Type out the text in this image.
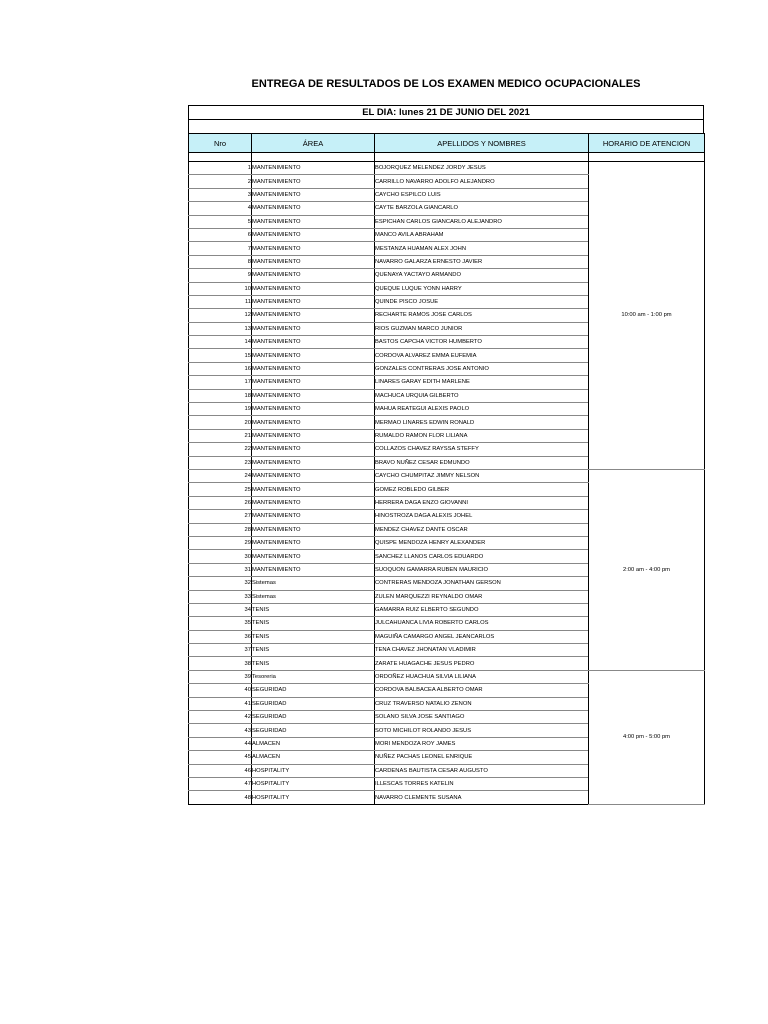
ENTREGA DE RESULTADOS DE LOS EXAMEN MEDICO OCUPACIONALES
EL DIA: lunes 21 DE JUNIO DEL 2021
Nro	ÁREA	APELLIDOS Y NOMBRES	HORARIO DE ATENCION

1	MANTENIMIENTO	BOJORQUEZ MELENDEZ JORDY JESUS	10:00 am - 1:00 pm
2	MANTENIMIENTO	CARRILLO NAVARRO ADOLFO ALEJANDRO	
3	MANTENIMIENTO	CAYCHO ESPILCO LUIS	
4	MANTENIMIENTO	CAYTE BARZOLA GIANCARLO	
5	MANTENIMIENTO	ESPICHAN CARLOS GIANCARLO ALEJANDRO	
6	MANTENIMIENTO	MANCO AVILA ABRAHAM	
7	MANTENIMIENTO	MESTANZA HUAMAN ALEX JOHN	
8	MANTENIMIENTO	NAVARRO GALARZA ERNESTO JAVIER	
9	MANTENIMIENTO	QUENAYA YACTAYO ARMANDO	
10	MANTENIMIENTO	QUEQUE LUQUE YONN HARRY	
11	MANTENIMIENTO	QUINDE PISCO JOSUE	
12	MANTENIMIENTO	RECHARTE RAMOS JOSE CARLOS	
13	MANTENIMIENTO	RIOS GUZMAN MARCO JUNIOR	
14	MANTENIMIENTO	BASTOS CAPCHA VICTOR HUMBERTO	
15	MANTENIMIENTO	CORDOVA ALVAREZ EMMA EUFEMIA	
16	MANTENIMIENTO	GONZALES CONTRERAS JOSE ANTONIO	
17	MANTENIMIENTO	LINARES GARAY EDITH MARLENE	
18	MANTENIMIENTO	MACHUCA URQUIA GILBERTO	
19	MANTENIMIENTO	MAHUA REATEGUI ALEXIS PAOLO	
20	MANTENIMIENTO	MERMAO LINARES EDWIN RONALD	
21	MANTENIMIENTO	RUMALDO RAMON FLOR LILIANA	
22	MANTENIMIENTO	COLLAZOS CHAVEZ RAYSSA STEFFY	
23	MANTENIMIENTO	BRAVO NUÑEZ CESAR EDMUNDO	
24	MANTENIMIENTO	CAYCHO CHUMPITAZ JIMMY NELSON	2:00 am - 4:00 pm
25	MANTENIMIENTO	GOMEZ ROBLEDO GILBER	
26	MANTENIMIENTO	HERRERA DAGA ENZO GIOVANNI	
27	MANTENIMIENTO	HINOSTROZA DAGA ALEXIS JOHEL	
28	MANTENIMIENTO	MENDEZ CHAVEZ DANTE OSCAR	
29	MANTENIMIENTO	QUISPE MENDOZA HENRY ALEXANDER	
30	MANTENIMIENTO	SANCHEZ LLANOS CARLOS EDUARDO	
31	MANTENIMIENTO	SUOQUON GAMARRA RUBEN MAURICIO	
32	Sistemas	CONTRERAS MENDOZA JONATHAN GERSON	
33	Sistemas	ZULEN MARQUEZZI REYNALDO OMAR	
34	TENIS	GAMARRA RUIZ ELBERTO SEGUNDO	
35	TENIS	JULCAHUANCA LIVIA ROBERTO CARLOS	
36	TENIS	MAGUIÑA CAMARGO ANGEL JEANCARLOS	
37	TENIS	TENA CHAVEZ JHONATAN VLADIMIR	
38	TENIS	ZARATE HUAGACHE JESUS PEDRO	
39	Tesoreria	ORDOÑEZ HUACHUA SILVIA LILIANA	4:00 pm - 5:00 pm
40	SEGURIDAD	CORDOVA BALBACEA ALBERTO OMAR	
41	SEGURIDAD	CRUZ TRAVERSO NATALIO ZENON	
42	SEGURIDAD	SOLANO SILVA JOSE SANTIAGO	
43	SEGURIDAD	SOTO MICHILOT ROLANDO JESUS	
44	ALMACEN	MORI MENDOZA ROY JAMES	
45	ALMACEN	NUÑEZ PACHAS LEONEL ENRIQUE	
46	HOSPITALITY	CARDENAS BAUTISTA CESAR AUGUSTO	
47	HOSPITALITY	ILLESCAS TORRES KATELIN	
48	HOSPITALITY	NAVARRO CLEMENTE SUSANA	
